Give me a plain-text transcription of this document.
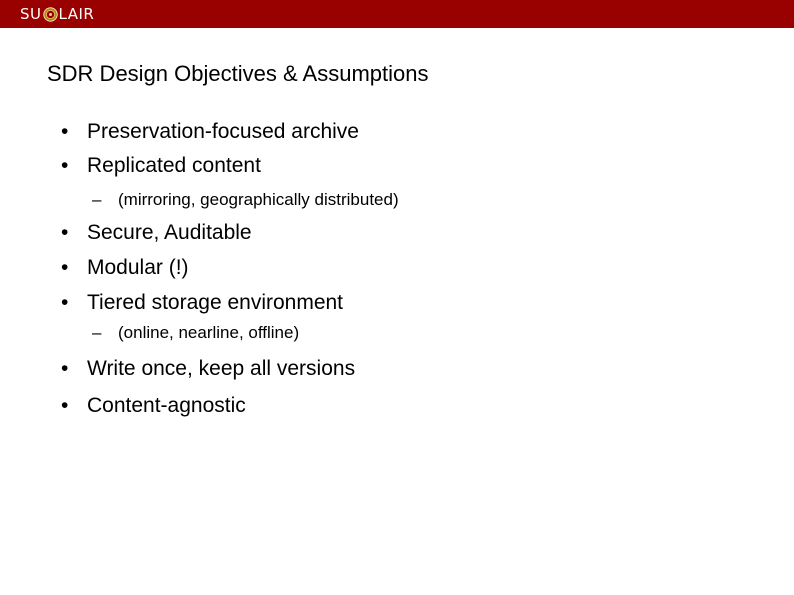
SU LAIR
SDR Design Objectives & Assumptions
• Preservation-focused archive
• Replicated content
– (mirroring, geographically distributed)
• Secure, Auditable
• Modular (!)
• Tiered storage environment
– (online, nearline, offline)
• Write once, keep all versions
• Content-agnostic
